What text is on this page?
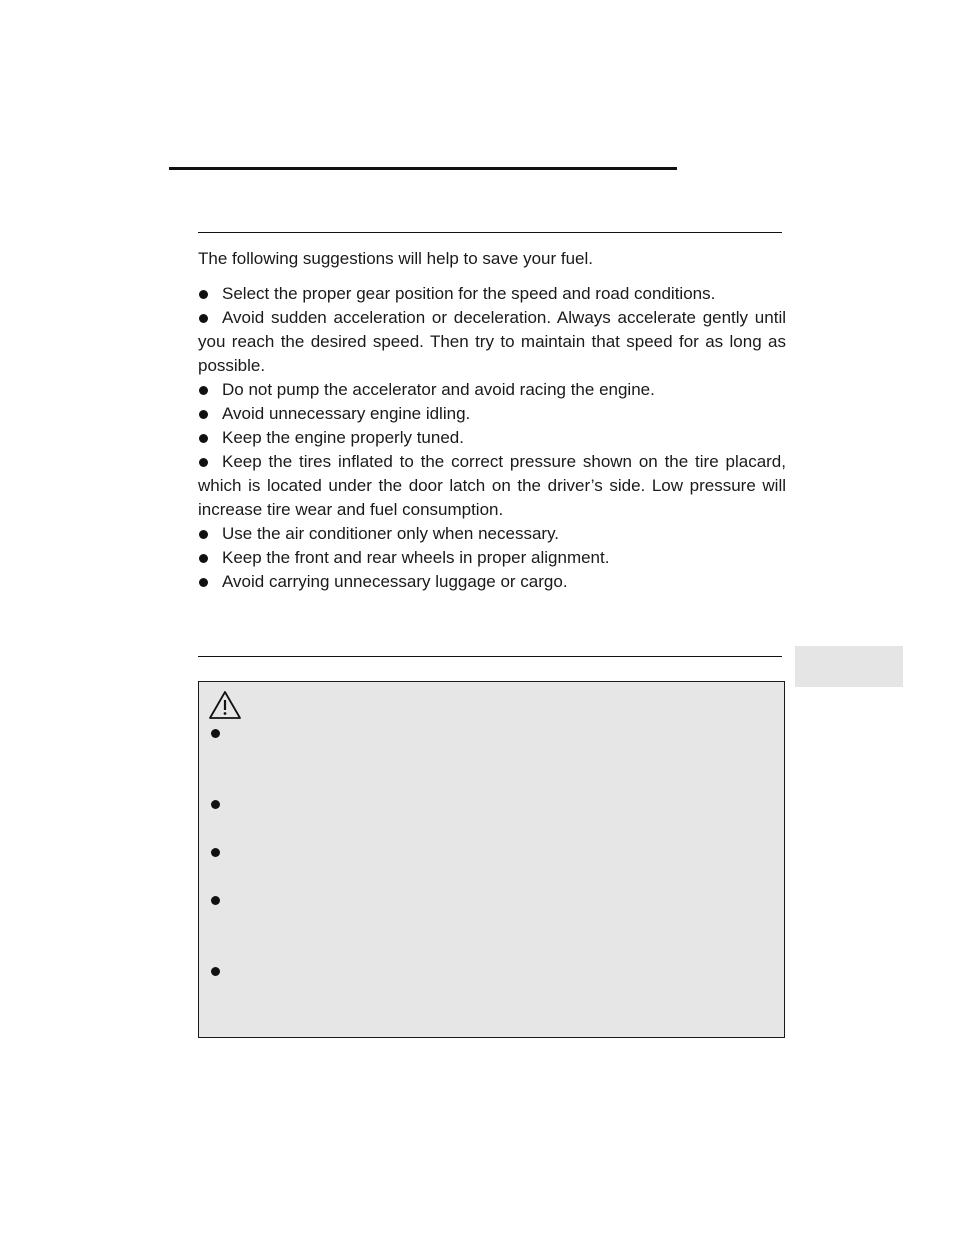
The following suggestions will help to save your fuel.
Select the proper gear position for the speed and road conditions.
Avoid sudden acceleration or deceleration. Always accelerate gently until you reach the desired speed. Then try to maintain that speed for as long as possible.
Do not pump the accelerator and avoid racing the engine.
Avoid unnecessary engine idling.
Keep the engine properly tuned.
Keep the tires inflated to the correct pressure shown on the tire placard, which is located under the door latch on the driver’s side. Low pressure will increase tire wear and fuel consumption.
Use the air conditioner only when necessary.
Keep the front and rear wheels in proper alignment.
Avoid carrying unnecessary luggage or cargo.
